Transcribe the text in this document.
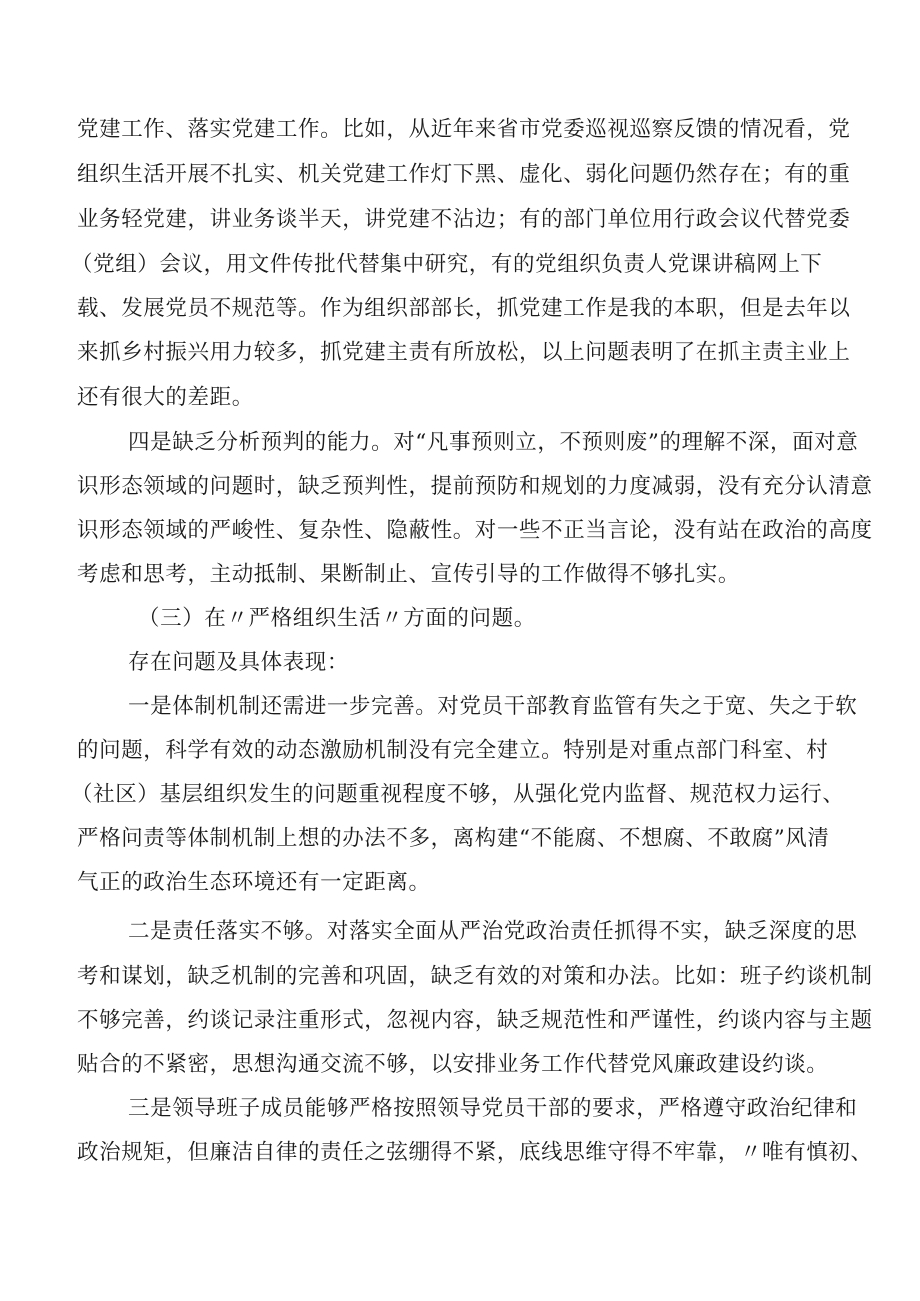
党建工作、落实党建工作。比如，从近年来省市党委巡视巡察反馈的情况看，党
组织生活开展不扎实、机关党建工作灯下黑、虚化、弱化问题仍然存在；有的重
业务轻党建，讲业务谈半天，讲党建不沾边；有的部门单位用行政会议代替党委
（党组）会议，用文件传批代替集中研究，有的党组织负责人党课讲稿网上下
载、发展党员不规范等。作为组织部部长，抓党建工作是我的本职，但是去年以
来抓乡村振兴用力较多，抓党建主责有所放松，以上问题表明了在抓主责主业上
还有很大的差距。
四是缺乏分析预判的能力。对“凡事预则立，不预则废”的理解不深，面对意
识形态领域的问题时，缺乏预判性，提前预防和规划的力度减弱，没有充分认清意
识形态领域的严峻性、复杂性、隐蔽性。对一些不正当言论，没有站在政治的高度
考虑和思考，主动抵制、果断制止、宣传引导的工作做得不够扎实。
（三）在〃严格组织生活〃方面的问题。
存在问题及具体表现：
一是体制机制还需进一步完善。对党员干部教育监管有失之于宽、失之于软
的问题，科学有效的动态激励机制没有完全建立。特别是对重点部门科室、村
（社区）基层组织发生的问题重视程度不够，从强化党内监督、规范权力运行、
严格问责等体制机制上想的办法不多，离构建“不能腐、不想腐、不敢腐”风清
气正的政治生态环境还有一定距离。
二是责任落实不够。对落实全面从严治党政治责任抓得不实，缺乏深度的思
考和谋划，缺乏机制的完善和巩固，缺乏有效的对策和办法。比如：班子约谈机制
不够完善，约谈记录注重形式，忽视内容，缺乏规范性和严谨性，约谈内容与主题
贴合的不紧密，思想沟通交流不够，以安排业务工作代替党风廉政建设约谈。
三是领导班子成员能够严格按照领导党员干部的要求，严格遵守政治纪律和
政治规矩，但廉洁自律的责任之弦绷得不紧，底线思维守得不牢靠，〃唯有慎初、
